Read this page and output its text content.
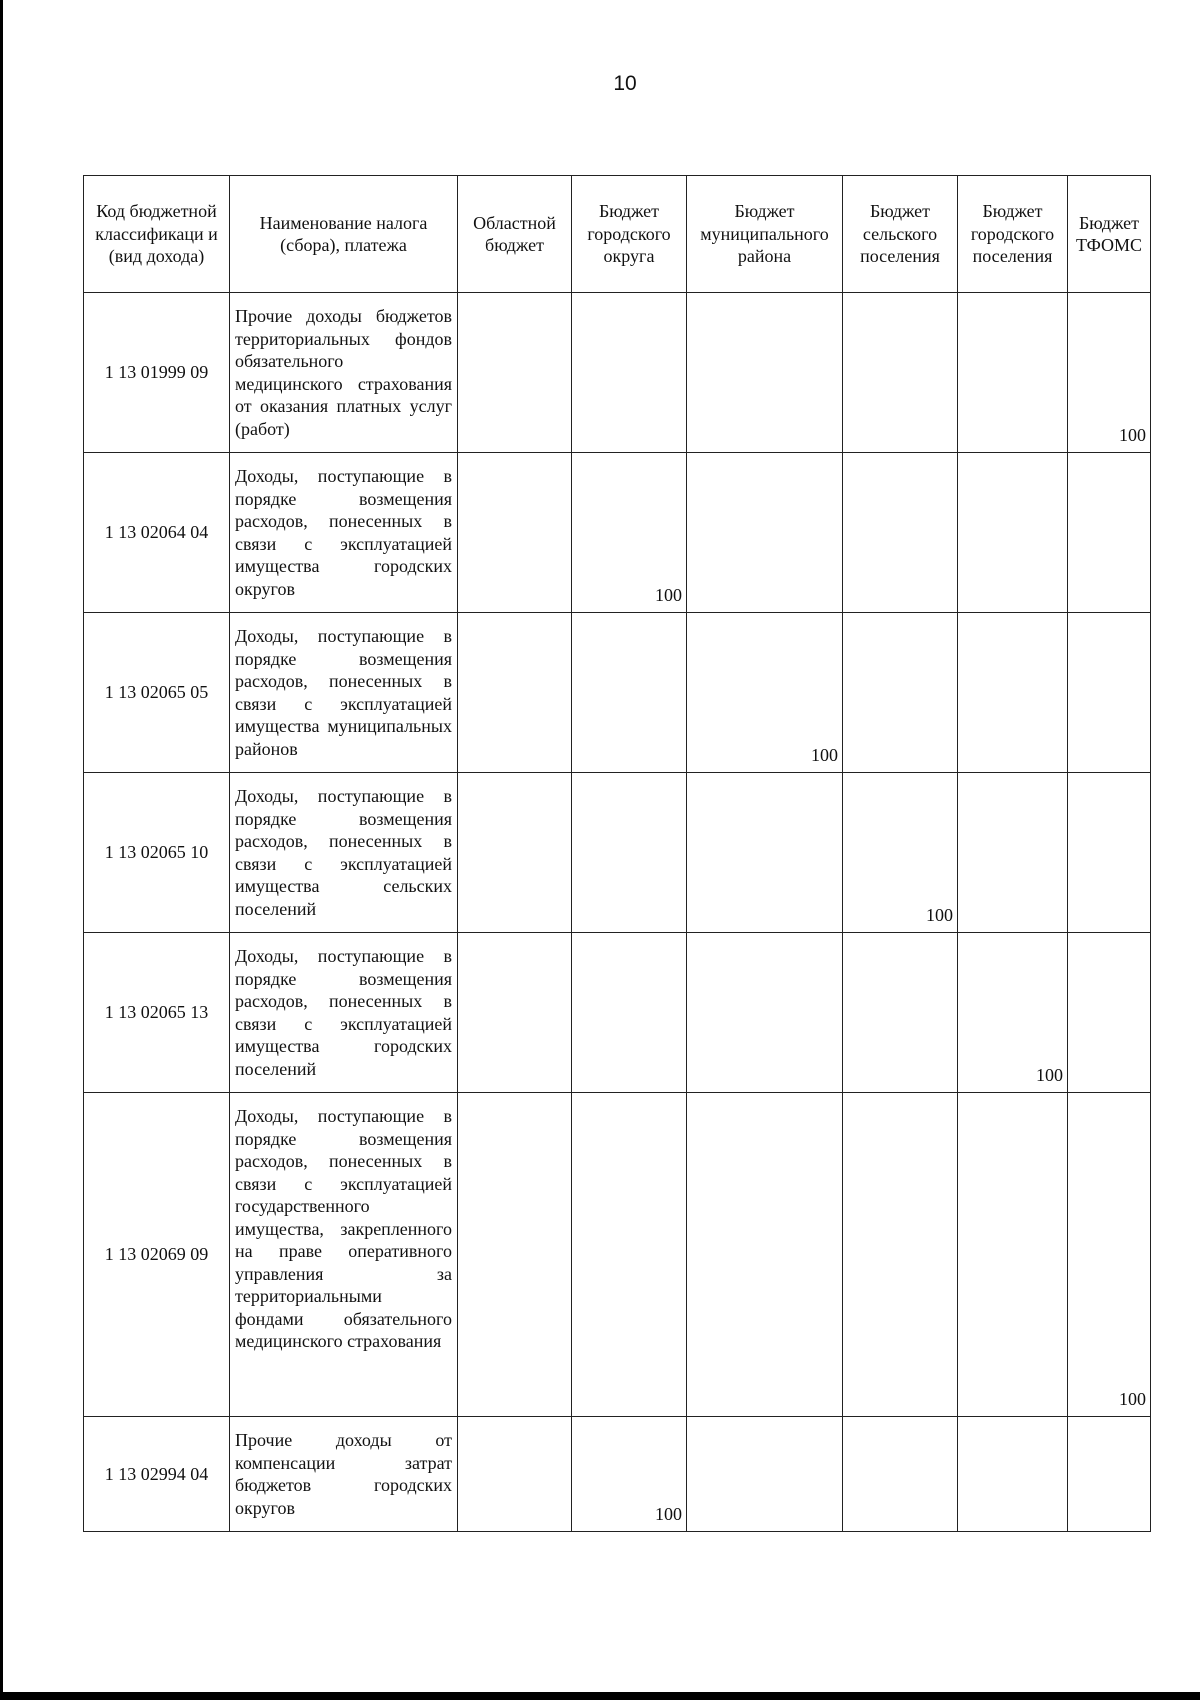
10
Код бюджетной классификаци и (вид дохода)	Наименование налога (сбора), платежа	Областной бюджет	Бюджет городского округа	Бюджет муниципального района	Бюджет сельского поселения	Бюджет городского поселения	Бюджет ТФОМС
1 13 01999 09	Прочие доходы бюджетов территориальных фондов обязательного медицинского страхования от оказания платных услуг (работ)						100
1 13 02064 04	Доходы, поступающие в порядке возмещения расходов, понесенных в связи с эксплуатацией имущества городских округов		100				
1 13 02065 05	Доходы, поступающие в порядке возмещения расходов, понесенных в связи с эксплуатацией имущества муниципальных районов			100			
1 13 02065 10	Доходы, поступающие в порядке возмещения расходов, понесенных в связи с эксплуатацией имущества сельских поселений				100		
1 13 02065 13	Доходы, поступающие в порядке возмещения расходов, понесенных в связи с эксплуатацией имущества городских поселений					100	
1 13 02069 09	Доходы, поступающие в порядке возмещения расходов, понесенных в связи с эксплуатацией государственного имущества, закрепленного на праве оперативного управления за территориальными фондами обязательного медицинского страхования						100
1 13 02994 04	Прочие доходы от компенсации затрат бюджетов городских округов		100				
